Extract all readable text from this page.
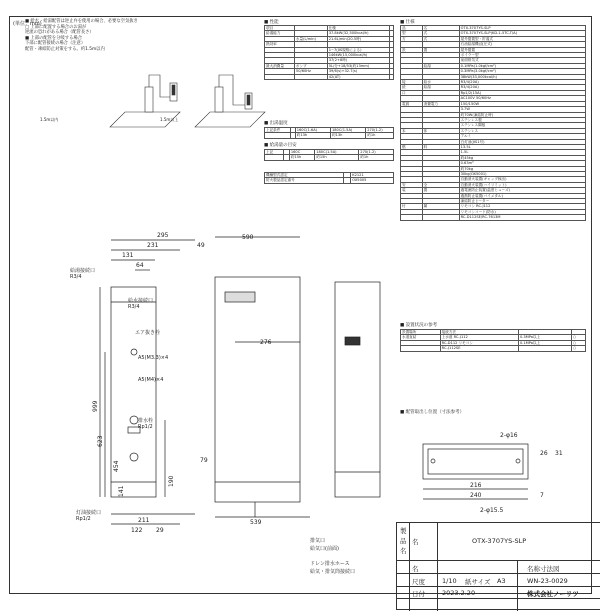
(単位：mm)
■ 給水・給湯配管は逆止弁を使用の場合、必要な空気抜き
□ 上部に配置する場合のお湯が
逆流の恐れがある場合（配管長さ）
■ 上部の配管を分岐する場合
下部に配管接続の場合（注意）
配管・凍結防止対策をする。約1.5m以内
1.5m以内	1.5m以上
■ 性能
項目		仕様	
給湯能力		37.8kW(32,500kcal/h)	
	水量(L/min)	21.6L/min(20.5時)	
熱効率			
		1~7(JIS規格による)	
		146kW(15,000kcal/h)	
		37(2+8時)	
最大消費量	ポンプ	5L/分+18/53(約13mm)	
	50/60Hz	39/6(s)+32.7(s)	
		42(AT)	
■ 出湯温度
上記条件		160C(1.6A)	180C(1.5A)	270(1.2)
		約13h	約13h	約1h
■ 給湯量の目安
上記		160C	180C(1.5A)	270(1.2)
		約15h	約15h	約1h
機種型式認定		K2121
防火製品認定番号		OX5005
■ 仕様
品	名	OTX-3707YS-SLP
型	式	OTX-3707YS-SLP(KD-1-5TC-T/A)
方	式	屋外据置型・貯湯式
		石油給湯機(直圧式)
設	置	屋外据置
		ボイラー型
		前面排気式
	給湯	0.1MPa(1.0kgf/cm²)
		0.3MPa(3.0kgf/cm²)
		38kW(33,000kcal/h)
接	給水	R3/4(20A)
続	給湯	R3/4(20A)
口		Rp1/2(15A)
		AC100V 50/60Hz
電源	消費電力	150/150W
		3.7W
		約70W(凍結防止時)
		ステンレス製
		ステンレス鋼板
本	体	ステンレス
		アルミ
		白灯油(JIS1号)
燃	料	13.5L
		1.5L
		約45kg
		0.63m³
		約70kg
		30kg(OX5001)
		自動消火装置(ギャップ検出)
安	全	自動消火装置(ハイリミット)
装	置	過電流防止装置(温度ヒューズ)
		過熱防止装置(バイメタル)
		凍結防止ヒーター
付	属	リモコン RC-J112
		リモコンコード(防水)
		RC-D112SE/RC-7613M
■ 設置状況の参考
設置場所	接続方法		
水道直結	上水道 RC-J112	0.3MPa以上	○
	RC-D112 リモコン	0.1MPa以上	○
	RC-J112SE		○
■ 配管取出し位置（寸法参考）
295
231
131
64
999
623
454
190
141
211
122 29
給湯接続口
R3/4
給水接続口
R3/4
エア抜き栓
A5(M3.3)×4
A5(M4)×4
排水栓
Rp1/2
灯油接続口
Rp1/2
590
49
276
539
79
排気口
給気口(前面)
ドレン排水ホース
給気・排気筒接続口
216
240
2-φ16
2-φ15.5
26 31
7
製
品
名
名	OTX-3707YS-SLP
名	名称寸法図
尺度	1/10 紙サイズ A3	WN-23-0029
日付	2023.2.20	株式会社ノーリツ
